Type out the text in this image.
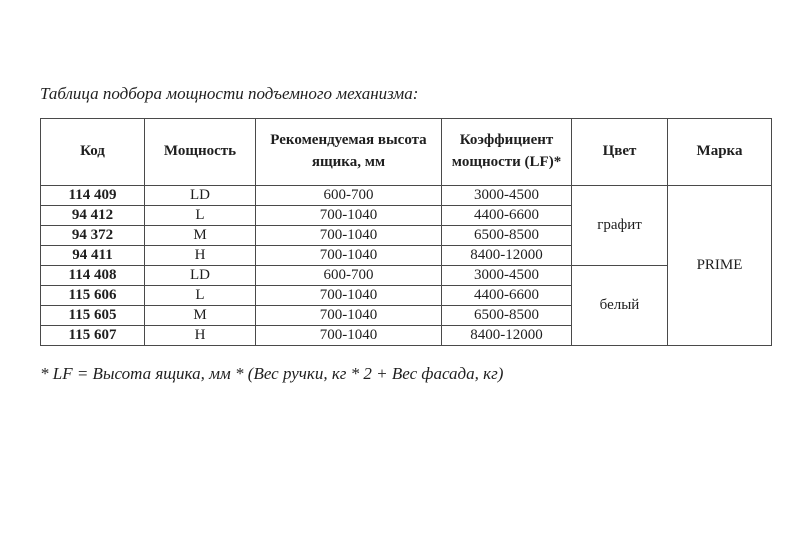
Таблица подбора мощности подъемного механизма:
Код	Мощность	Рекомендуемая высота ящика, мм	Коэффициент мощности (LF)*	Цвет	Марка
114 409	LD	600-700	3000-4500	графит	PRIME
94 412	L	700-1040	4400-6600		
94 372	M	700-1040	6500-8500		
94 411	H	700-1040	8400-12000		
114 408	LD	600-700	3000-4500	белый	
115 606	L	700-1040	4400-6600		
115 605	M	700-1040	6500-8500		
115 607	H	700-1040	8400-12000		
* LF = Высота ящика, мм * (Вес ручки, кг * 2 + Вес фасада, кг)
